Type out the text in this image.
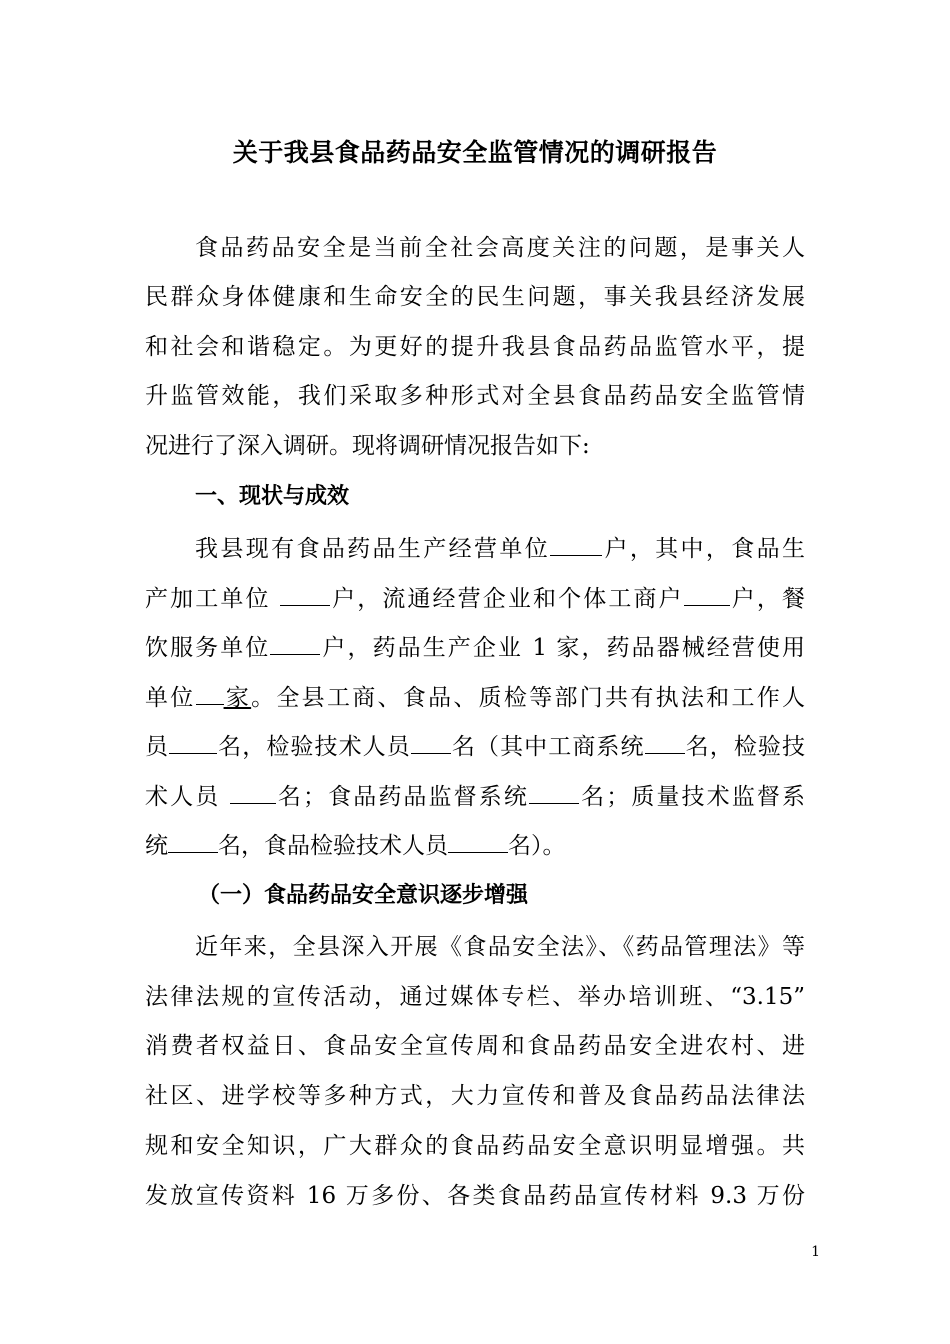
关于我县食品药品安全监管情况的调研报告
食品药品安全是当前全社会高度关注的问题，是事关人
民群众身体健康和生命安全的民生问题，事关我县经济发展
和社会和谐稳定。为更好的提升我县食品药品监管水平，提
升监管效能，我们采取多种形式对全县食品药品安全监管情
况进行了深入调研。现将调研情况报告如下:
一、现状与成效
我县现有食品药品生产经营单位 户，其中，食品生
产加工单位 户，流通经营企业和个体工商户 户，餐
饮服务单位 户，药品生产企业 1 家，药品器械经营使用
单位 家。全县工商、食品、质检等部门共有执法和工作人
员 名，检验技术人员 名（其中工商系统 名，检验技
术人员 名；食品药品监督系统 名；质量技术监督系
统 名，食品检验技术人员	名）。
（一）食品药品安全意识逐步增强
近年来，全县深入开展《食品安全法》、《药品管理法》等
法律法规的宣传活动，通过媒体专栏、举办培训班、“3.15”
消费者权益日、食品安全宣传周和食品药品安全进农村、进
社区、进学校等多种方式，大力宣传和普及食品药品法律法
规和安全知识，广大群众的食品药品安全意识明显增强。共
发放宣传资料 16 万多份、各类食品药品宣传材料 9.3 万份
1
